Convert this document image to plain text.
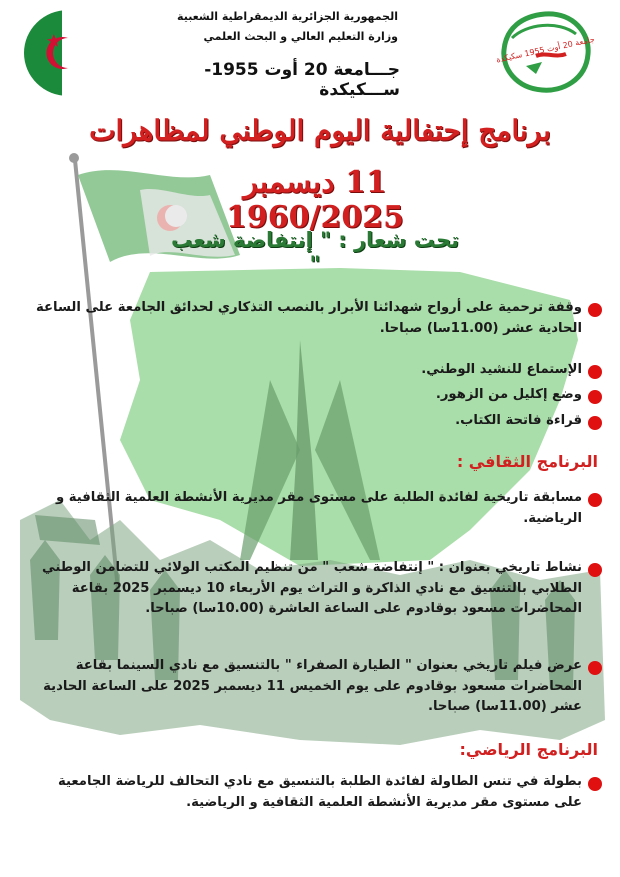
جامعة 20 أوت 1955 سكيكدة
الجمهورية الجزائرية الديمقراطية الشعبية
وزارة التعليم العالي و البحث العلمي
جـــامعة 20 أوت 1955- ســـكيكدة
برنامج إحتفالية اليوم الوطني لمظاهرات
11 ديسمبر 1960/2025
تحت شعار : " إنتفاضة شعب "
وقفة ترحمية على أرواح شهدائنا الأبرار بالنصب التذكاري لحدائق الجامعة على الساعة الحادية عشر (11.00سا) صباحا.
الإستماع للنشيد الوطني.
وضع إكليل من الزهور.
قراءة فاتحة الكتاب.
البرنامج الثقافي :
مسابقة تاريخية لفائدة الطلبة على مستوى مقر مديرية الأنشطة العلمية الثقافية و الرياضية.
نشاط تاريخي بعنوان : " إنتفاضة شعب " من تنظيم المكتب الولائي للتضامن الوطني الطلابي بالتنسيق مع نادي الذاكرة و التراث يوم الأربعاء 10 ديسمبر 2025 بقاعة المحاضرات مسعود بوقادوم على الساعة العاشرة (10.00سا) صباحا.
عرض فيلم تاريخي بعنوان " الطيارة الصفراء " بالتنسيق مع نادي السينما بقاعة المحاضرات مسعود بوقادوم على يوم الخميس 11 ديسمبر 2025 على الساعة الحادية عشر (11.00سا) صباحا.
البرنامج الرياضي:
بطولة في تنس الطاولة لفائدة الطلبة بالتنسيق مع نادي التحالف للرياضة الجامعية على مستوى مقر مديرية الأنشطة العلمية الثقافية و الرياضية.
